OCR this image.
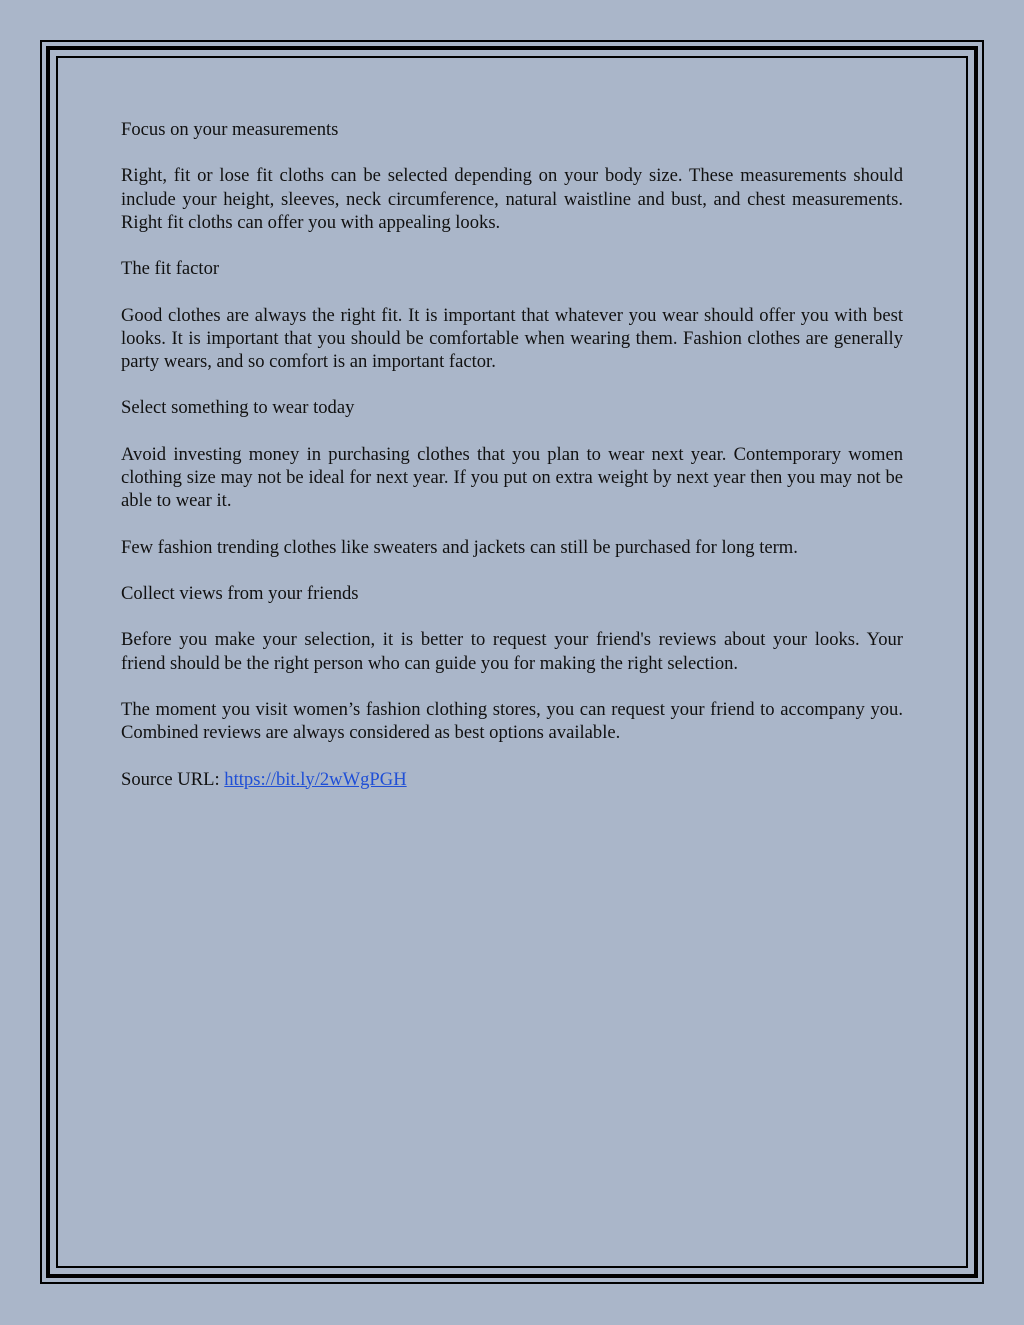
Focus on your measurements

Right, fit or lose fit cloths can be selected depending on your body size. These measurements should include your height, sleeves, neck circumference, natural waistline and bust, and chest measurements. Right fit cloths can offer you with appealing looks.

The fit factor

Good clothes are always the right fit. It is important that whatever you wear should offer you with best looks. It is important that you should be comfortable when wearing them. Fashion clothes are generally party wears, and so comfort is an important factor.

Select something to wear today

Avoid investing money in purchasing clothes that you plan to wear next year. Contemporary women clothing size may not be ideal for next year. If you put on extra weight by next year then you may not be able to wear it.

Few fashion trending clothes like sweaters and jackets can still be purchased for long term.

Collect views from your friends

Before you make your selection, it is better to request your friend's reviews about your looks. Your friend should be the right person who can guide you for making the right selection.

The moment you visit women’s fashion clothing stores, you can request your friend to accompany you. Combined reviews are always considered as best options available.

Source URL: https://bit.ly/2wWgPGH
